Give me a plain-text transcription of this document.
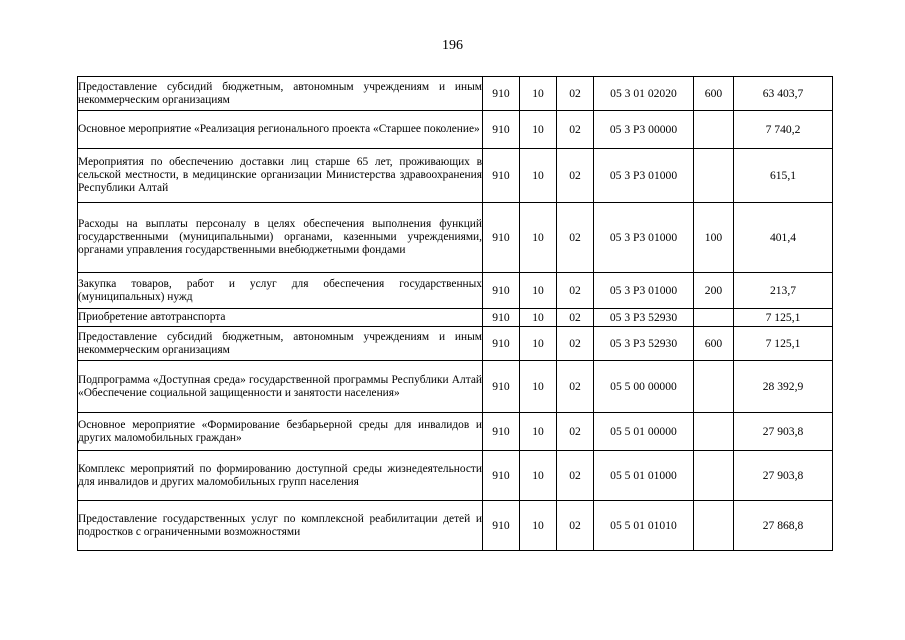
196
Предоставление субсидий бюджетным, автономным учреждениям и иным некоммерческим организациям	910	10	02	05 3 01 02020	600	63 403,7
Основное мероприятие «Реализация регионального проекта «Старшее поколение»	910	10	02	05 3 P3 00000		7 740,2
Мероприятия по обеспечению доставки лиц старше 65 лет, проживающих в сельской местности, в медицинские организации Министерства здравоохранения Республики Алтай	910	10	02	05 3 P3 01000		615,1
Расходы на выплаты персоналу в целях обеспечения выполнения функций государственными (муниципальными) органами, казенными учреждениями, органами управления государственными внебюджетными фондами	910	10	02	05 3 P3 01000	100	401,4
Закупка товаров, работ и услуг для обеспечения государственных (муниципальных) нужд	910	10	02	05 3 P3 01000	200	213,7
Приобретение автотранспорта	910	10	02	05 3 P3 52930		7 125,1
Предоставление субсидий бюджетным, автономным учреждениям и иным некоммерческим организациям	910	10	02	05 3 P3 52930	600	7 125,1
Подпрограмма «Доступная среда» государственной программы Республики Алтай «Обеспечение социальной защищенности и занятости населения»	910	10	02	05 5 00 00000		28 392,9
Основное мероприятие «Формирование безбарьерной среды для инвалидов и других маломобильных граждан»	910	10	02	05 5 01 00000		27 903,8
Комплекс мероприятий по формированию доступной среды жизнедеятельности для инвалидов и других маломобильных групп населения	910	10	02	05 5 01 01000		27 903,8
Предоставление государственных услуг по комплексной реабилитации детей и подростков с ограниченными возможностями	910	10	02	05 5 01 01010		27 868,8
